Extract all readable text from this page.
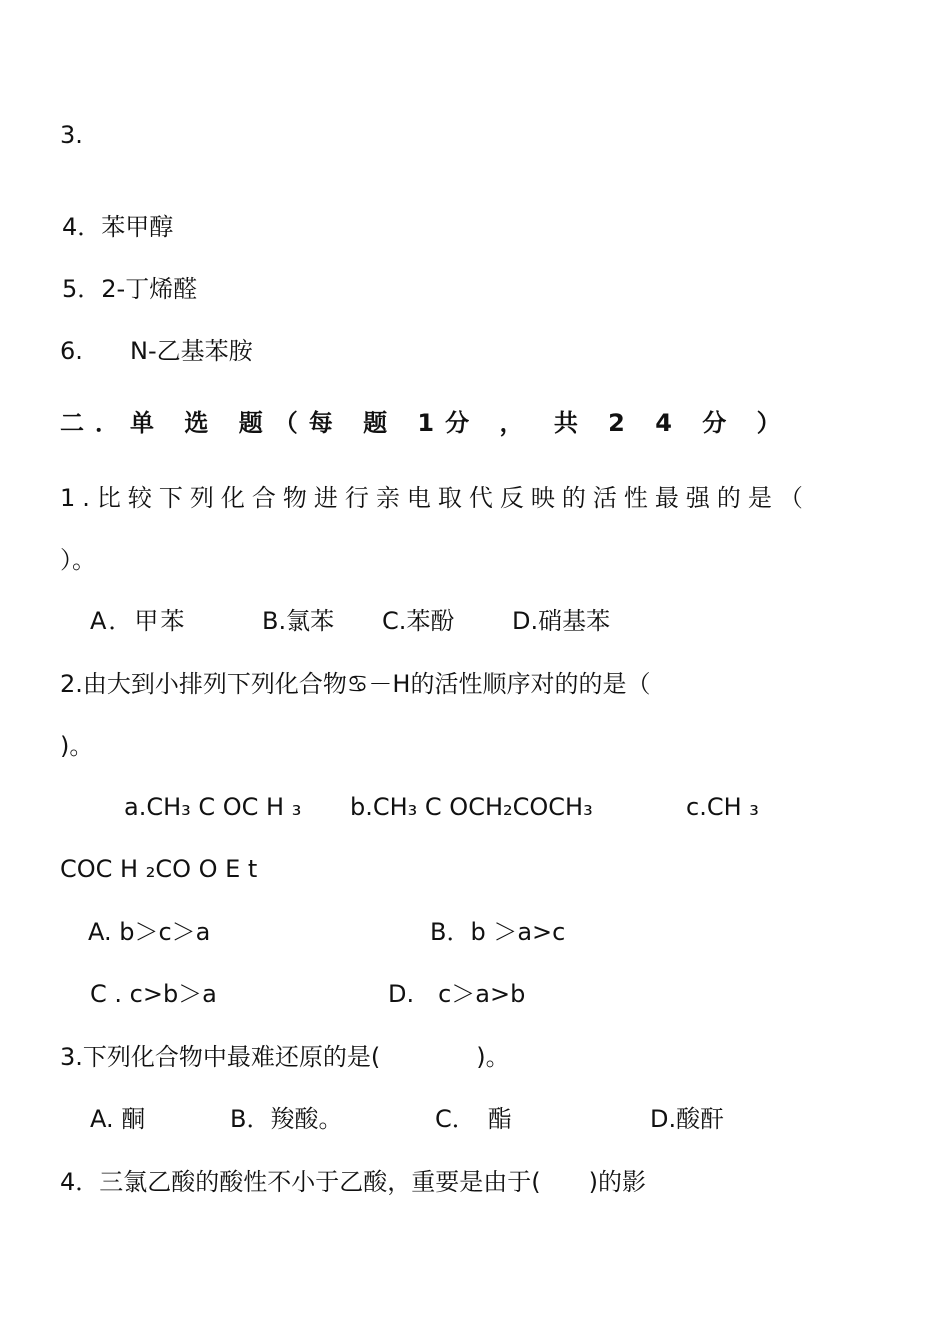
3.
4．苯甲醇
5．2-丁烯醛
6. N-乙基苯胺
二．单 选 题（每 题 1分 ， 共 2 4 分 ）
1.比较下列化合物进行亲电取代反映的活性最强的是（
）。
A．甲苯	B.氯苯 C.苯酚 D.硝基苯
2.由大到小排列下列化合物♋－H的活性顺序对的的是（
)。
a.CH₃ C OC H ₃ b.CH₃ C OCH₂COCH₃	c.CH ₃
COC H ₂CO O E t
A. b＞c＞a	B．b ＞a>c
C . c>b＞a	D.　c＞a>b
3.下列化合物中最难还原的是(　　　　)。
A. 酮	B．羧酸。	C．　酯	D.酸酐
4．三氯乙酸的酸性不小于乙酸，重要是由于(　　)的影
